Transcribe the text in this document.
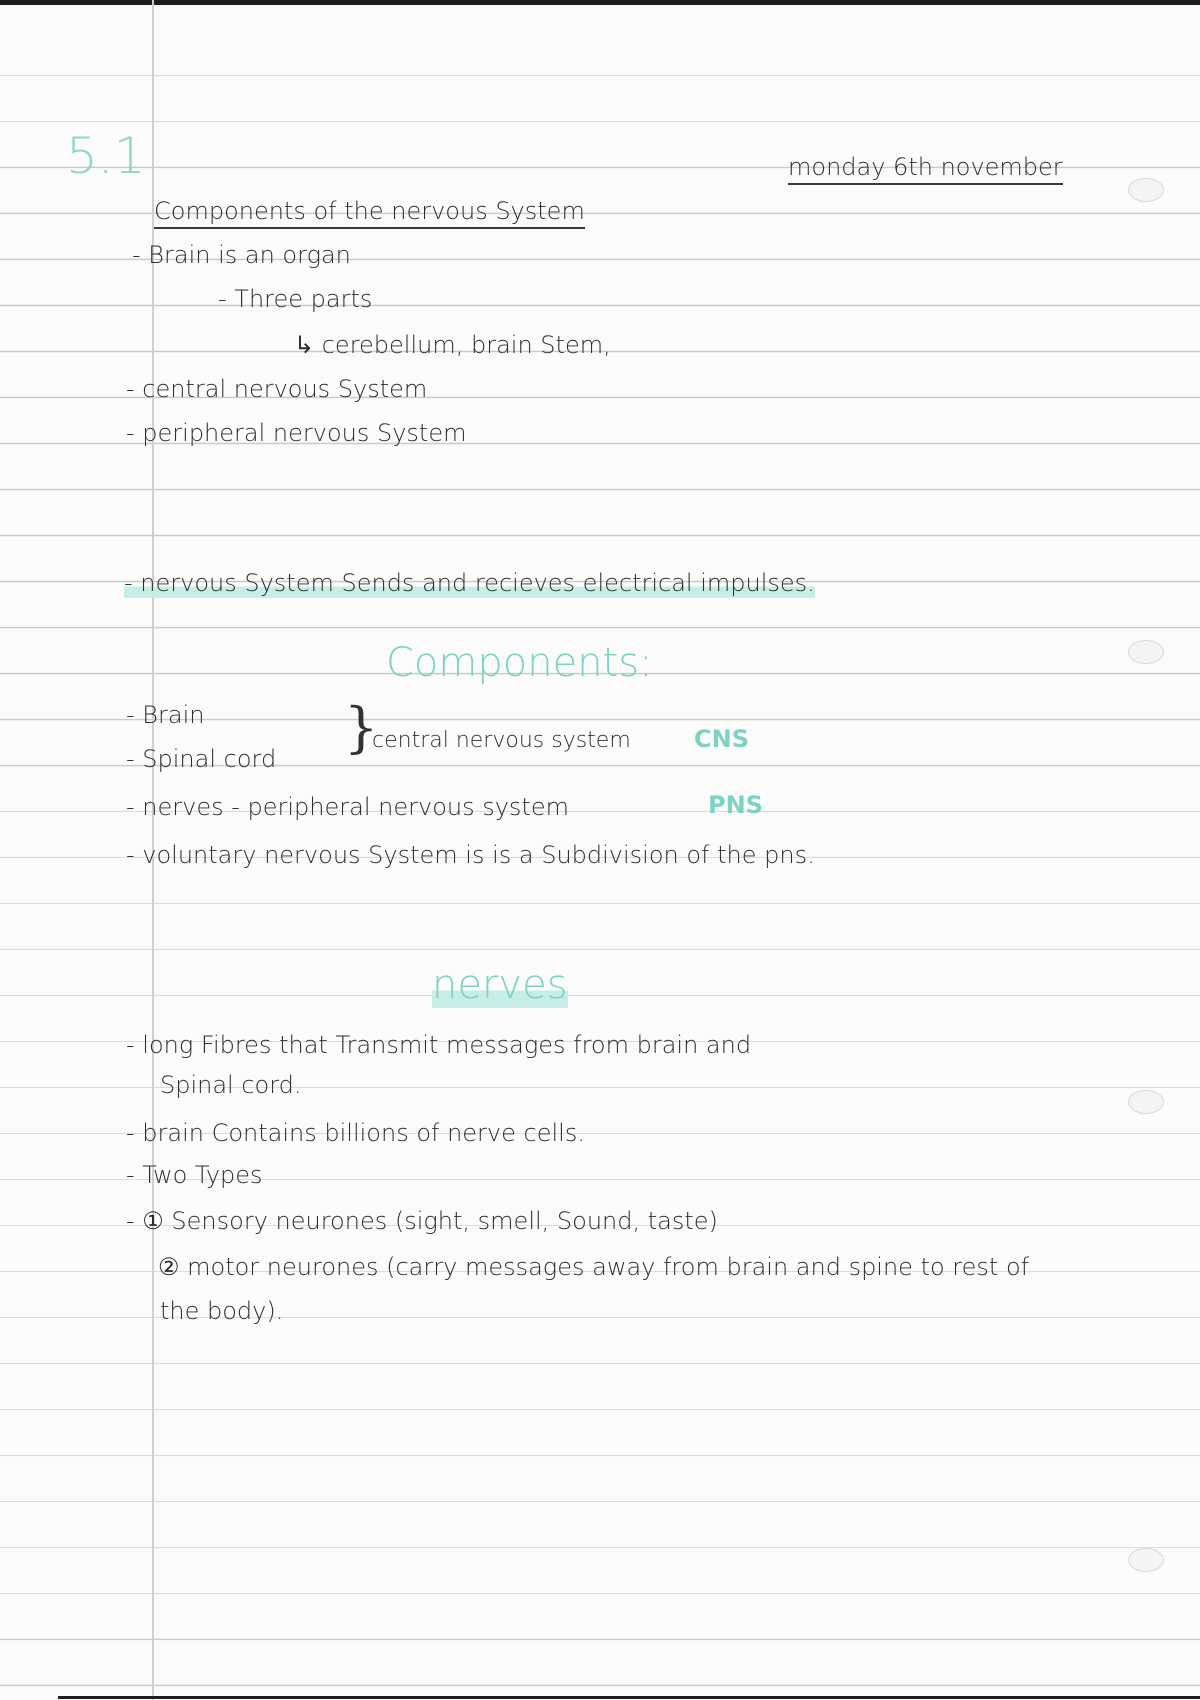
5.1	monday 6th november
Components of the nervous System
- Brain is an organ
- Three parts
↳ cerebellum, brain Stem,
- central nervous System
- peripheral nervous System
- nervous System Sends and recieves electrical impulses.
Components:
- Brain
- Spinal cord }
central nervous system	CNS
- nerves - peripheral nervous system	PNS
- voluntary nervous System is is a Subdivision of the pns.
nerves
- long Fibres that Transmit messages from brain and
Spinal cord.
- brain Contains billions of nerve cells.
- Two Types
- ① Sensory neurones (sight, smell, Sound, taste)
② motor neurones (carry messages away from brain and spine to rest of
the body).
